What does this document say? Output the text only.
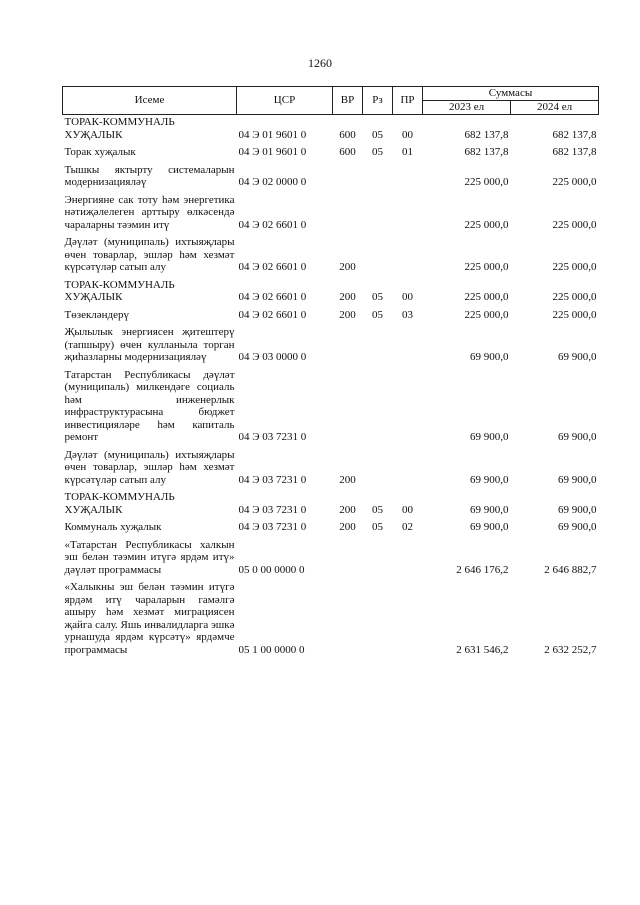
1260
Исеме	ЦСР	ВР	Рз	ПР	Суммасы	
					2023 ел	2024 ел
ТОРАК-КОММУНАЛЬ ХУҖАЛЫК	04 Э 01 9601 0	600	05	00	682 137,8	682 137,8

Торак хуҗалык	04 Э 01 9601 0	600	05	01	682 137,8	682 137,8

Тышкы яктырту системаларын модернизацияләү	04 Э 02 0000 0				225 000,0	225 000,0

Энергияне сак тоту һәм энергетика нәтиҗәлелеген арттыру өлкәсендә чараларны тәэмин итү	04 Э 02 6601 0				225 000,0	225 000,0

Дәүләт (муниципаль) ихтыяҗлары өчен товарлар, эшләр һәм хезмәт күрсәтүләр сатып алу	04 Э 02 6601 0	200			225 000,0	225 000,0

ТОРАК-КОММУНАЛЬ ХУҖАЛЫК	04 Э 02 6601 0	200	05	00	225 000,0	225 000,0

Төзекләндерү	04 Э 02 6601 0	200	05	03	225 000,0	225 000,0

Җылылык энергиясен җитештерү (тапшыру) өчен кулланыла торган җиһазларны модернизацияләү	04 Э 03 0000 0				69 900,0	69 900,0

Татарстан Республикасы дәүләт (муниципаль) милкендәге социаль һәм инженерлык инфраструктурасына бюджет инвестицияләре һәм капиталь ремонт	04 Э 03 7231 0				69 900,0	69 900,0

Дәүләт (муниципаль) ихтыяҗлары өчен товарлар, эшләр һәм хезмәт күрсәтүләр сатып алу	04 Э 03 7231 0	200			69 900,0	69 900,0

ТОРАК-КОММУНАЛЬ ХУҖАЛЫК	04 Э 03 7231 0	200	05	00	69 900,0	69 900,0

Коммуналь хуҗалык	04 Э 03 7231 0	200	05	02	69 900,0	69 900,0

«Татарстан Республикасы халкын эш белән тәэмин итүгә ярдәм итү» дәүләт программасы	05 0 00 0000 0				2 646 176,2	2 646 882,7

«Халыкны эш белән тәэмин итүгә ярдәм итү чараларын гамәлгә ашыру һәм хезмәт миграциясен җайга салу. Яшь инвалидларга эшкә урнашуда ярдәм күрсәтү» ярдәмче программасы	05 1 00 0000 0				2 631 546,2	2 632 252,7
